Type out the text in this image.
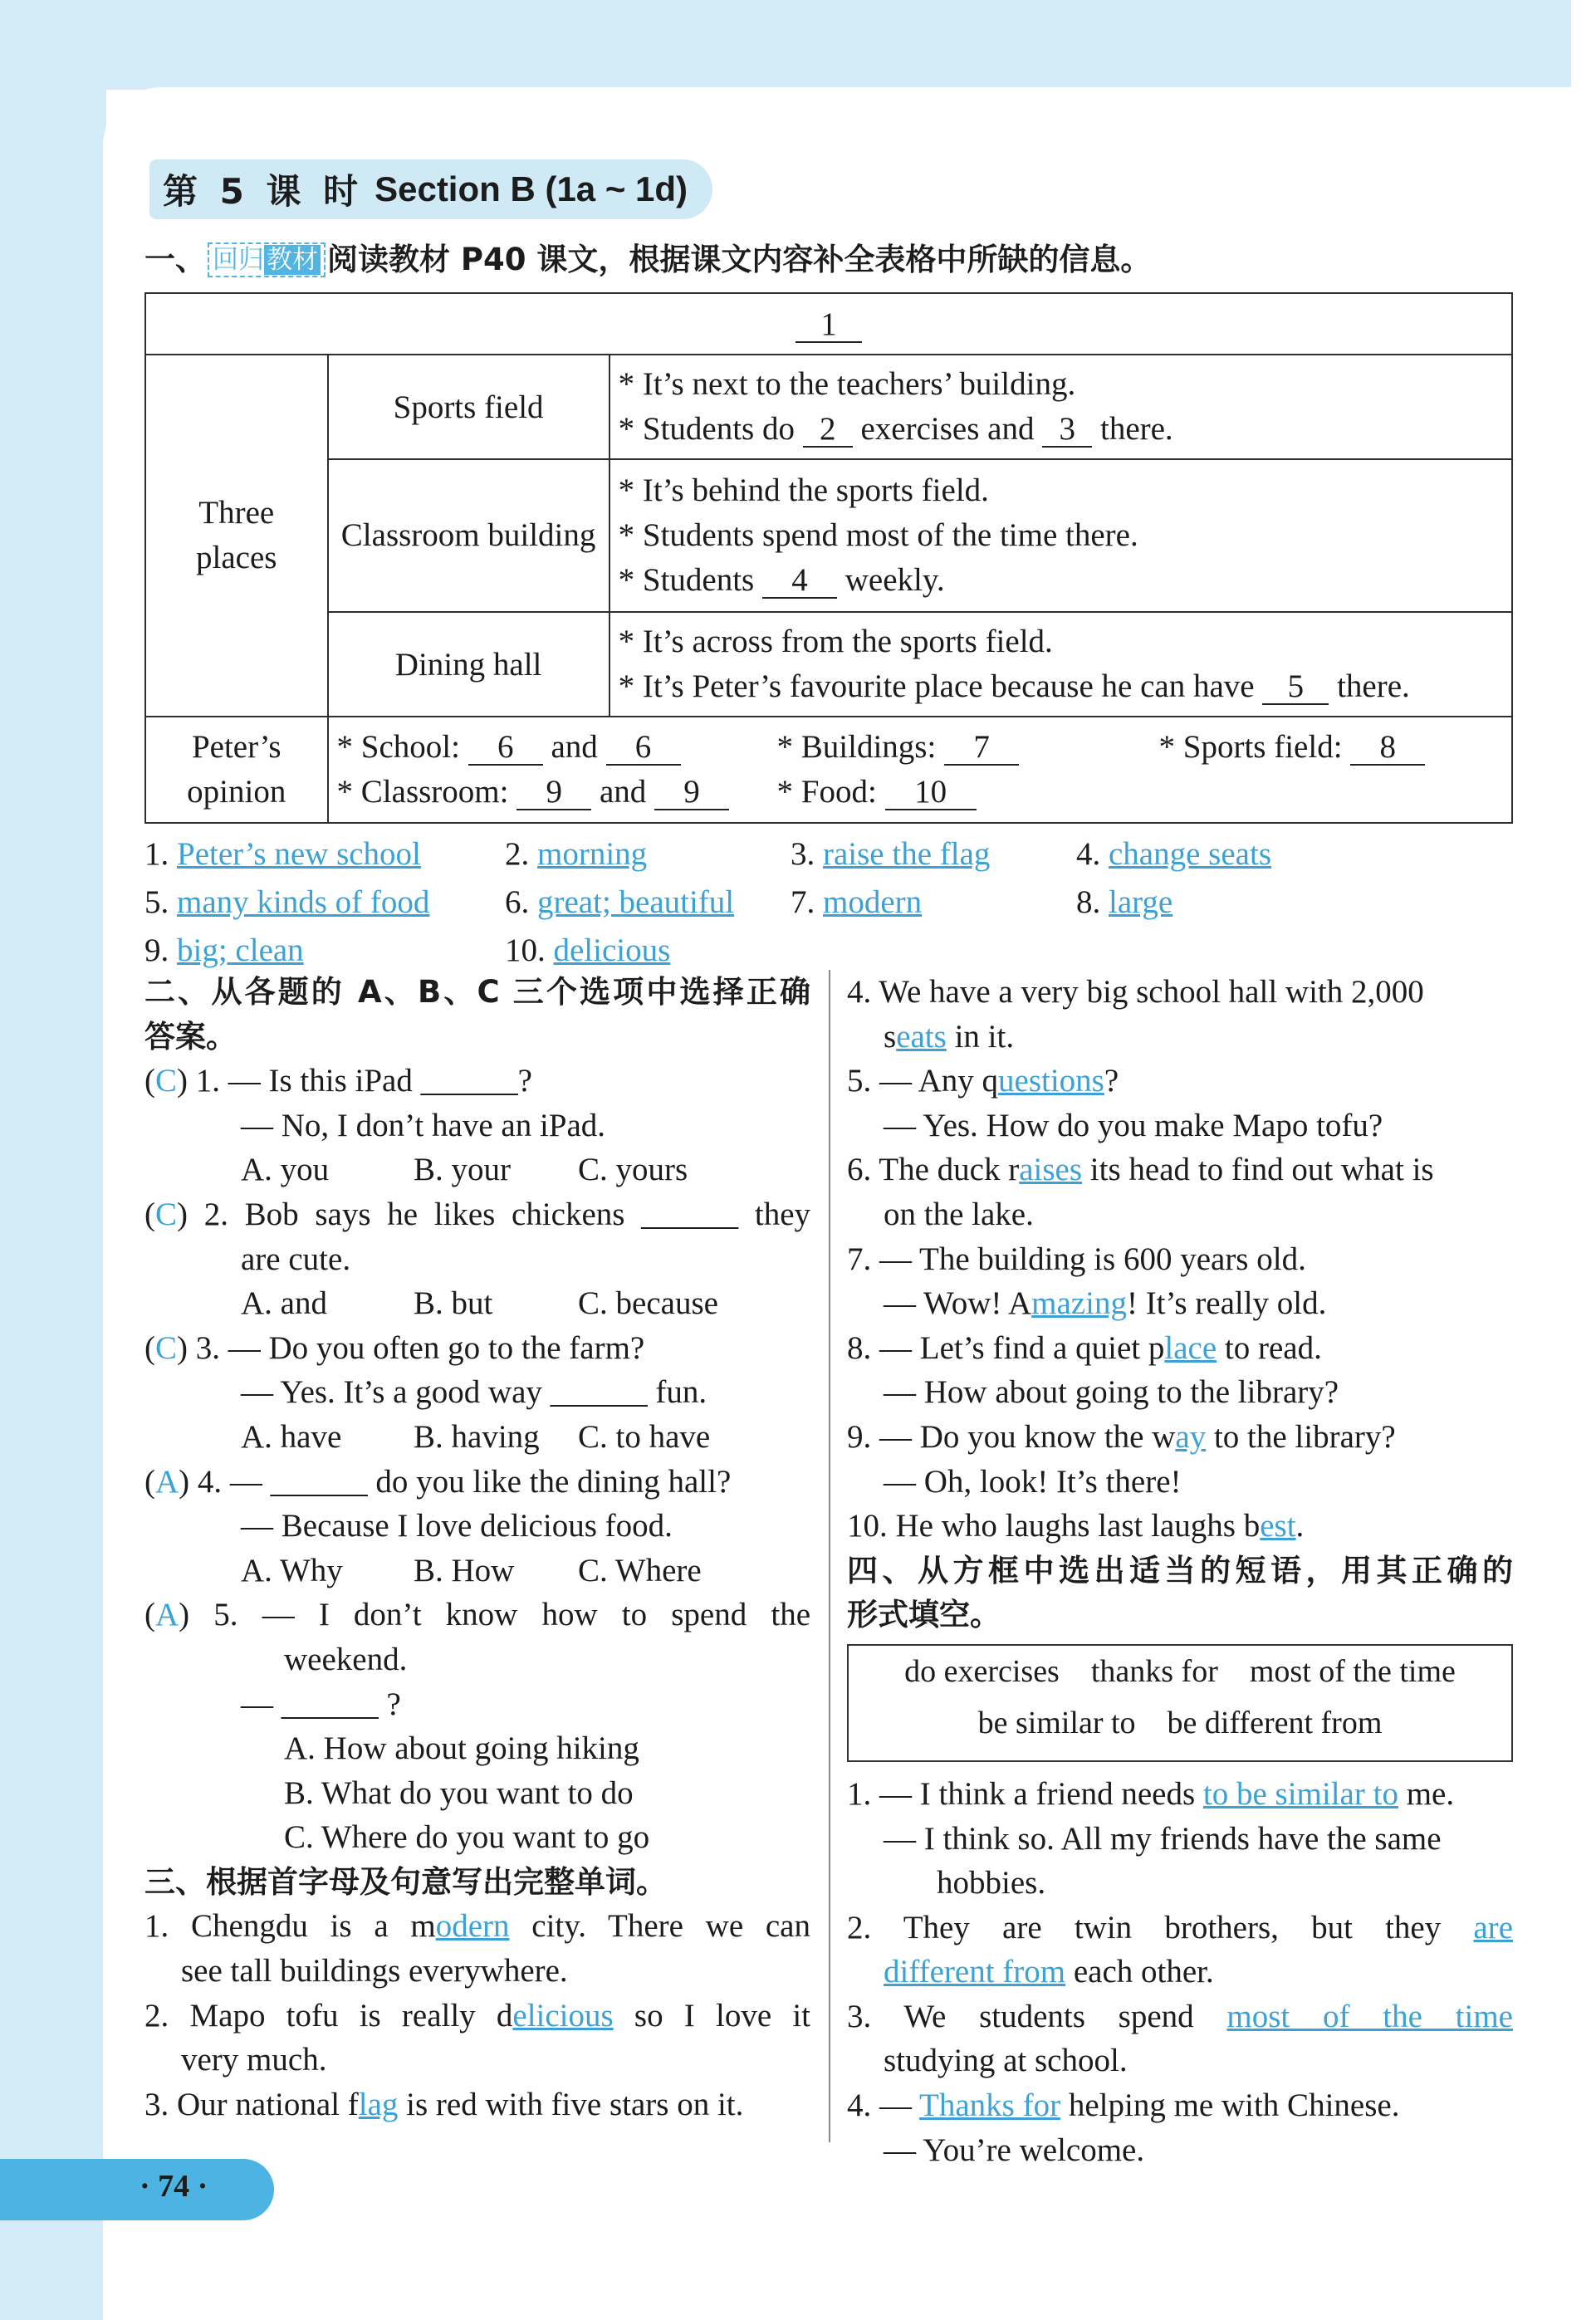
第 5 课 时 Section B (1a ~ 1d)
一、 回归教材 阅读教材 P40 课文，根据课文内容补全表格中所缺的信息。
1		
Three places	Sports field	* It’s next to the teachers’ building.
* Students do 2 exercises and 3 there.

	Classroom building	* It’s behind the sports field.
* Students spend most of the time there.
* Students 4 weekly.

	Dining hall	* It’s across from the sports field.
* It’s Peter’s favourite place because he can have 5 there.

Peter’s opinion	* School: 6 and 6 * Buildings: 7 * Sports field: 8
* Classroom: 9 and 9 * Food: 10	
1. Peter’s new school	2. morning	3. raise the flag	4. change seats
5. many kinds of food 6. great; beautiful 7. modern	8. large
9. big; clean	10. delicious
二、从各题的 A、B、C 三个选项中选择正确
答案。
(C) 1. — Is this iPad ______?
— No, I don’t have an iPad.
A. you	B. your	C. yours
(C) 2. Bob says he likes chickens ______ they
are cute.
A. and	B. but	C. because
(C) 3. — Do you often go to the farm?
— Yes. It’s a good way ______ fun.
A. have	B. having	C. to have
(A) 4. — ______ do you like the dining hall?
— Because I love delicious food.
A. Why	B. How	C. Where
(A) 5. — I don’t know how to spend the
weekend.
— ______ ?
A. How about going hiking
B. What do you want to do
C. Where do you want to go
三、根据首字母及句意写出完整单词。
1. Chengdu is a modern city. There we can
see tall buildings everywhere.
2. Mapo tofu is really delicious so I love it
very much.
3. Our national flag is red with five stars on it.
4. We have a very big school hall with 2,000
seats in it.
5. — Any questions?
— Yes. How do you make Mapo tofu?
6. The duck raises its head to find out what is
on the lake.
7. — The building is 600 years old.
— Wow! Amazing! It’s really old.
8. — Let’s find a quiet place to read.
— How about going to the library?
9. — Do you know the way to the library?
— Oh, look! It’s there!
10. He who laughs last laughs best.
四、从方框中选出适当的短语，用其正确的
形式填空。
do exercises    thanks for    most of the time
be similar to    be different from
1. — I think a friend needs to be similar to me.
— I think so. All my friends have the same
hobbies.
2. They are twin brothers, but they are
different from each other.
3. We students spend most of the time
studying at school.
4. — Thanks for helping me with Chinese.
— You’re welcome.
· 74 ·
